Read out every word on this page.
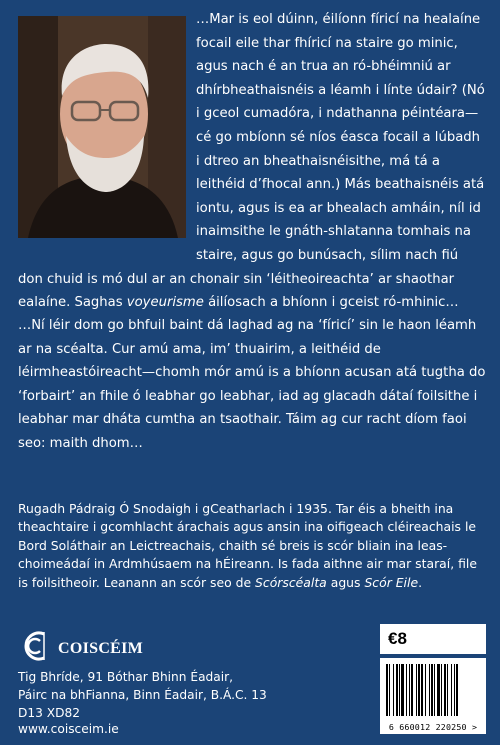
…Mar is eol dúinn, éilíonn fíricí na healaíne focail eile thar fhíricí na staire go minic, agus nach é an trua an ró-bhéimniú ar dhírbheathaisnéis a léamh i línte údair? (Nó i gceol cumadóra, i ndathanna péintéara—cé go mbíonn sé níos éasca focail a lúbadh i dtreo an bheathaisnéisithe, má tá a leithéid d’fhocal ann.) Más beathaisnéis atá iontu, agus is ea ar bhealach amháin, níl id inaimsithe le gnáth-shlatanna tomhais na staire, agus go bunúsach, sílim nach fiú don chuid is mó dul ar an chonair sin ‘léitheoireachta’ ar shaothar ealaíne. Saghas voyeurisme áilíosach a bhíonn i gceist ró-mhinic…

…Ní léir dom go bhfuil baint dá laghad ag na ‘fíricí’ sin le haon léamh ar na scéalta. Cur amú ama, im’ thuairim, a leithéid de léirmheastóireacht—chomh mór amú is a bhíonn acusan atá tugtha do ‘forbairt’ an fhile ó leabhar go leabhar, iad ag glacadh dátaí foilsithe i leabhar mar dháta cumtha an tsaothair. Táim ag cur racht díom faoi seo: maith dhom…

Rugadh Pádraig Ó Snodaigh i gCeatharlach i 1935. Tar éis a bheith ina theachtaire i gcomhlacht árachais agus ansin ina oifigeach cléireachais le Bord Soláthair an Leictreachais, chaith sé breis is scór bliain ina leas-choimeádaí in Ardmhúsaem na hÉireann. Is fada aithne air mar staraí, file is foilsitheoir. Leanann an scór seo de Scórscéalta agus Scór Eile.

COISCÉIM
Tig Bhríde, 91 Bóthar Bhinn Éadair,
Páirc na bhFianna, Binn Éadair, B.Á.C. 13
D13 XD82
www.coisceim.ie
€8
6 660012 220250 >
